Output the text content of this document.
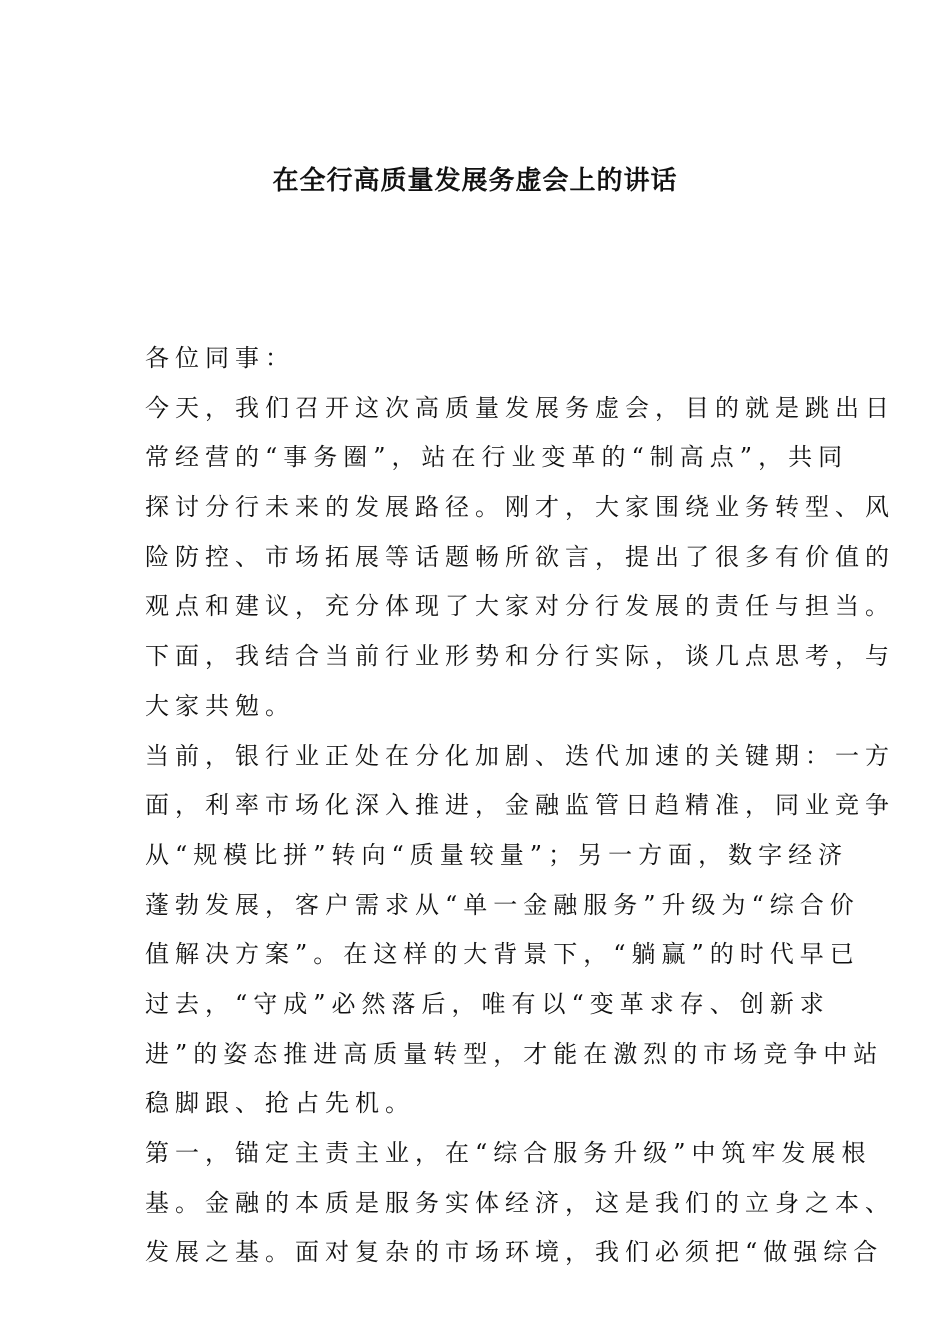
在全行高质量发展务虚会上的讲话
各位同事：
今天，我们召开这次高质量发展务虚会，目的就是跳出日
常经营的“事务圈”，站在行业变革的“制高点”，共同
探讨分行未来的发展路径。刚才，大家围绕业务转型、风
险防控、市场拓展等话题畅所欲言，提出了很多有价值的
观点和建议，充分体现了大家对分行发展的责任与担当。
下面，我结合当前行业形势和分行实际，谈几点思考，与
大家共勉。
当前，银行业正处在分化加剧、迭代加速的关键期：一方
面，利率市场化深入推进，金融监管日趋精准，同业竞争
从“规模比拼”转向“质量较量”；另一方面，数字经济
蓬勃发展，客户需求从“单一金融服务”升级为“综合价
值解决方案”。在这样的大背景下，“躺赢”的时代早已
过去，“守成”必然落后，唯有以“变革求存、创新求
进”的姿态推进高质量转型，才能在激烈的市场竞争中站
稳脚跟、抢占先机。
第一，锚定主责主业，在“综合服务升级”中筑牢发展根
基。金融的本质是服务实体经济，这是我们的立身之本、
发展之基。面对复杂的市场环境，我们必须把“做强综合
